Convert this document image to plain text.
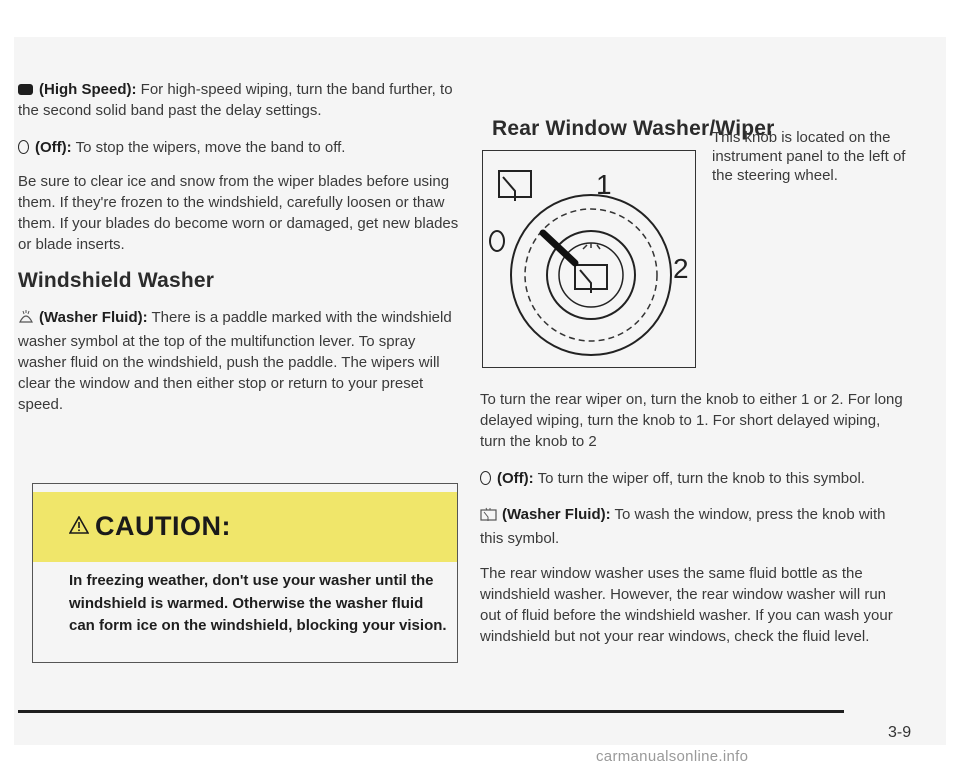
(High Speed): For high-speed wiping, turn the band further, to the second solid band past the delay settings.

(Off): To stop the wipers, move the band to off.

Be sure to clear ice and snow from the wiper blades before using them. If they're frozen to the windshield, carefully loosen or thaw them. If your blades do become worn or damaged, get new blades or blade inserts.

Windshield Washer

(Washer Fluid): There is a paddle marked with the windshield washer symbol at the top of the multifunction lever. To spray washer fluid on the windshield, push the paddle. The wipers will clear the window and then either stop or return to your preset speed.

CAUTION:
In freezing weather, don't use your washer until the windshield is warmed. Otherwise the washer fluid can form ice on the windshield, blocking your vision.
Rear Window Washer/Wiper
1
2
This knob is located on the instrument panel to the left of the steering wheel.

To turn the rear wiper on, turn the knob to either 1 or 2. For long delayed wiping, turn the knob to 1. For short delayed wiping, turn the knob to 2

(Off): To turn the wiper off, turn the knob to this symbol.

(Washer Fluid): To wash the window, press the knob with this symbol.

The rear window washer uses the same fluid bottle as the windshield washer. However, the rear window washer will run out of fluid before the windshield washer. If you can wash your windshield but not your rear windows, check the fluid level.

3-9
carmanualsonline.info
